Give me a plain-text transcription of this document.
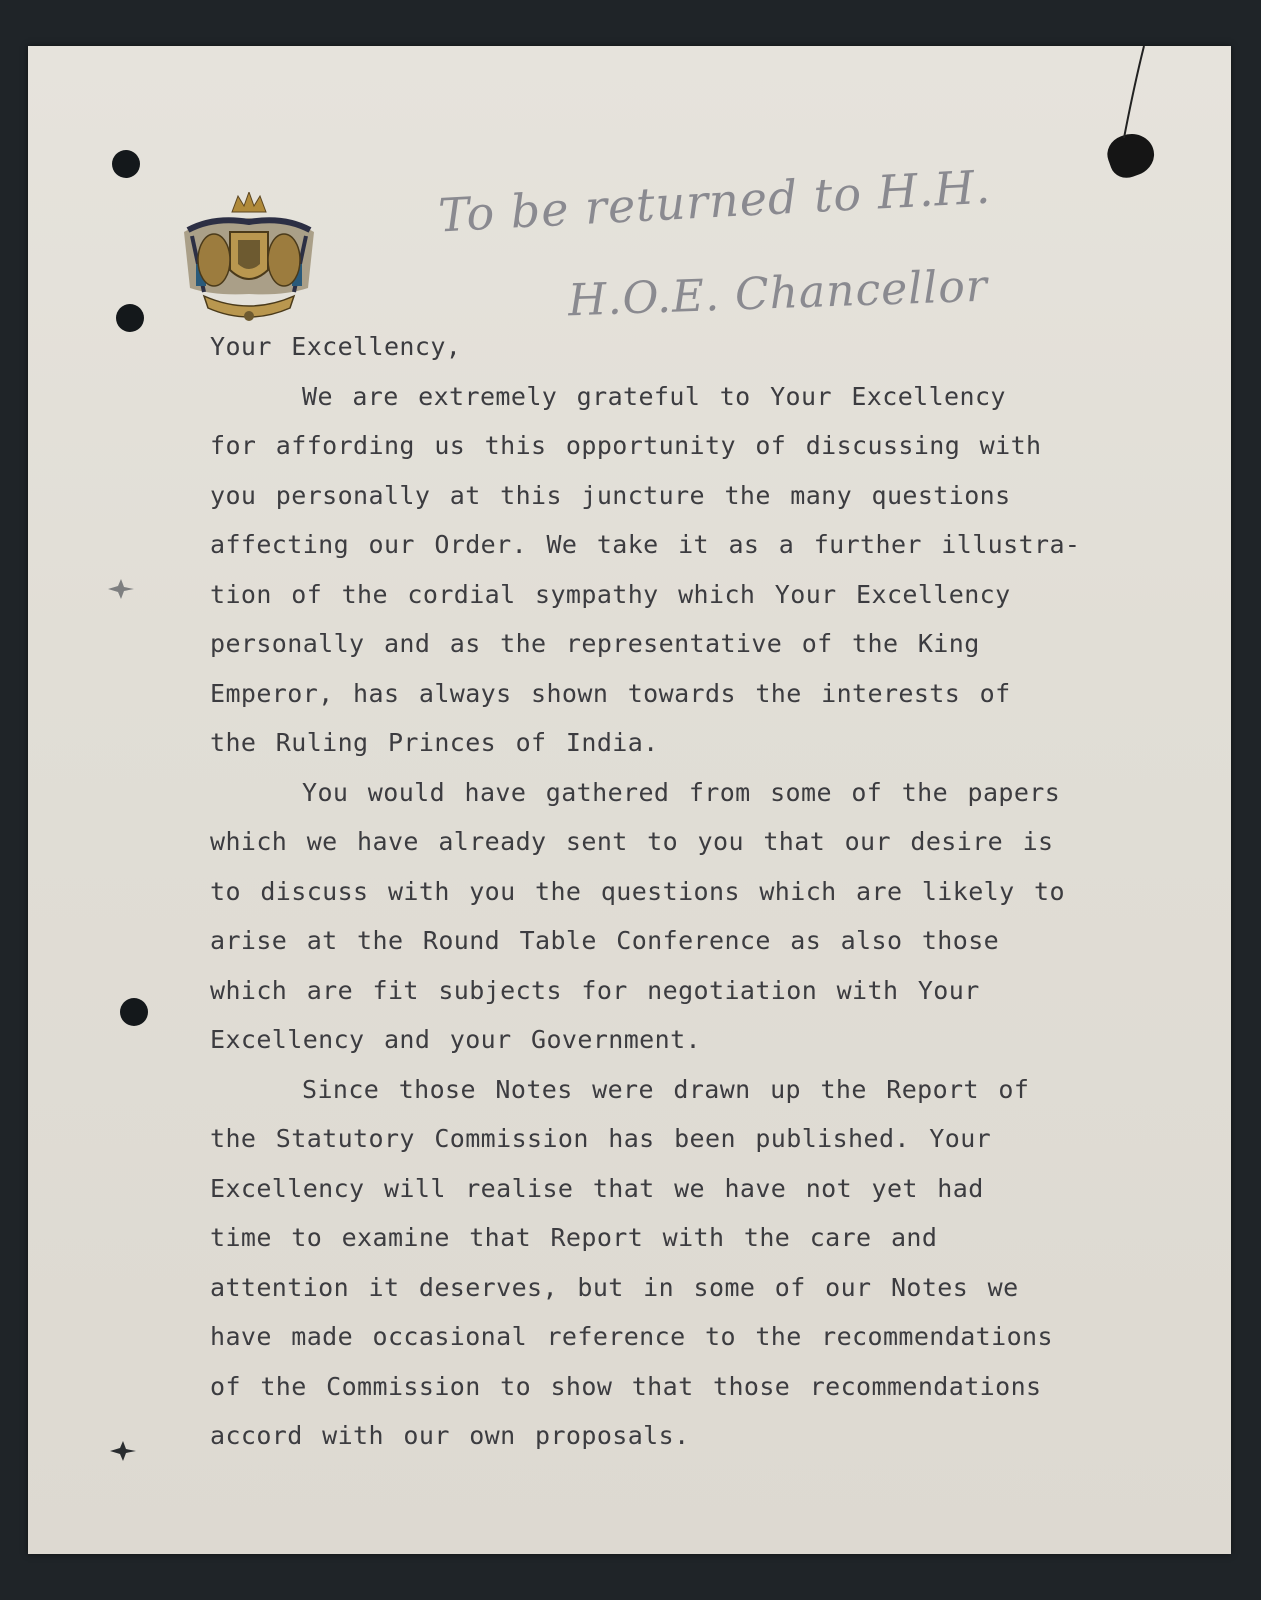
To be returned to H.H.
H.O.E. Chancellor
Your Excellency,

We are extremely grateful to Your Excellency
for affording us this opportunity of discussing with
you personally at this juncture the many questions
affecting our Order. We take it as a further illustra-
tion of the cordial sympathy which Your Excellency
personally and as the representative of the King
Emperor, has always shown towards the interests of
the Ruling Princes of India.

You would have gathered from some of the papers
which we have already sent to you that our desire is
to discuss with you the questions which are likely to
arise at the Round Table Conference as also those
which are fit subjects for negotiation with Your
Excellency and your Government.

Since those Notes were drawn up the Report of
the Statutory Commission has been published. Your
Excellency will realise that we have not yet had
time to examine that Report with the care and
attention it deserves, but in some of our Notes we
have made occasional reference to the recommendations
of the Commission to show that those recommendations
accord with our own proposals.
